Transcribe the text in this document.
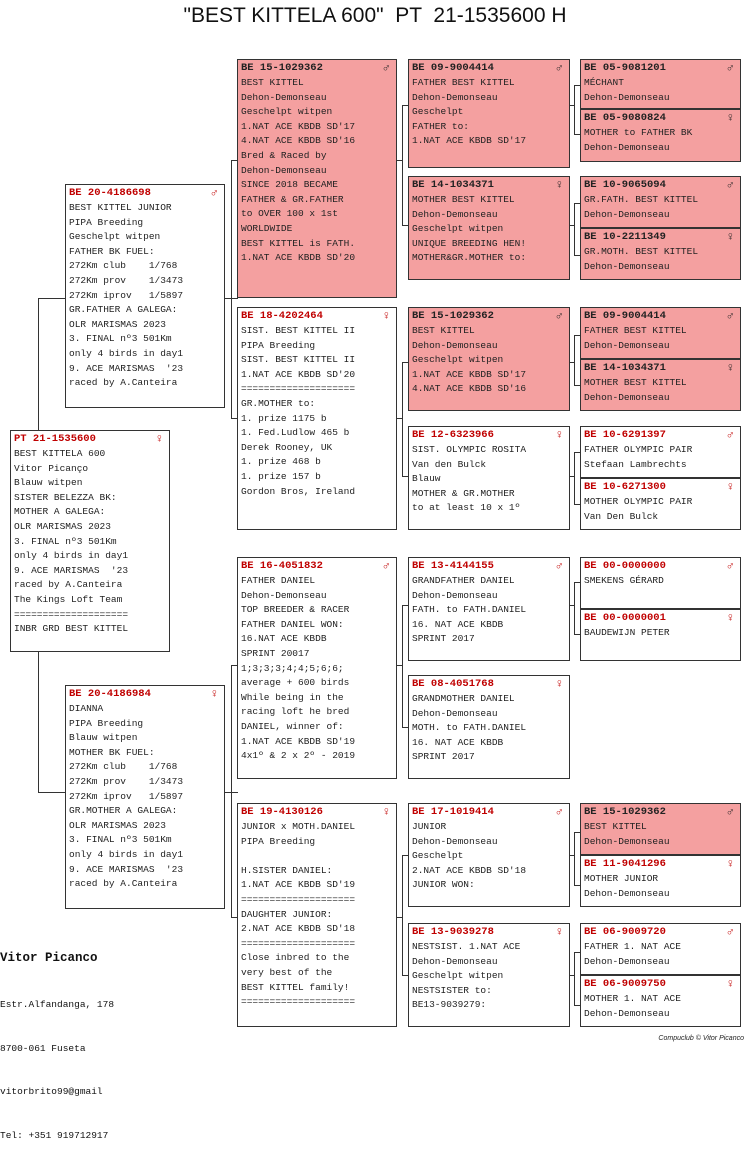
"BEST KITTELA 600"  PT  21-1535600 H
PT 21-1535600	♀
BEST KITTELA 600
Vitor Picanço
Blauw witpen
SISTER BELEZZA BK:
MOTHER A GALEGA:
OLR MARISMAS 2023
3. FINAL nº3 501Km
only 4 birds in day1
9. ACE MARISMAS  '23
raced by A.Canteira
The Kings Loft Team
====================
INBR GRD BEST KITTEL
BE 20-4186698	♂
BEST KITTEL JUNIOR
PIPA Breeding
Geschelpt witpen
FATHER BK FUEL:
272Km club    1/768
272Km prov    1/3473
272Km iprov   1/5897
GR.FATHER A GALEGA:
OLR MARISMAS 2023
3. FINAL nº3 501Km
only 4 birds in day1
9. ACE MARISMAS  '23
raced by A.Canteira
BE 20-4186984	♀
DIANNA
PIPA Breeding
Blauw witpen
MOTHER BK FUEL:
272Km club    1/768
272Km prov    1/3473
272Km iprov   1/5897
GR.MOTHER A GALEGA:
OLR MARISMAS 2023
3. FINAL nº3 501Km
only 4 birds in day1
9. ACE MARISMAS  '23
raced by A.Canteira
BE 15-1029362	♂
BEST KITTEL
Dehon-Demonseau
Geschelpt witpen
1.NAT ACE KBDB SD'17
4.NAT ACE KBDB SD'16
Bred & Raced by
Dehon-Demonseau
SINCE 2018 BECAME
FATHER & GR.FATHER
to OVER 100 x 1st
WORLDWIDE
BEST KITTEL is FATH.
1.NAT ACE KBDB SD'20
BE 18-4202464	♀
SIST. BEST KITTEL II
PIPA Breeding
SIST. BEST KITTEL II
1.NAT ACE KBDB SD'20
====================
GR.MOTHER to:
1. prize 1175 b
1. Fed.Ludlow 465 b
Derek Rooney, UK
1. prize 468 b
1. prize 157 b
Gordon Bros, Ireland
BE 16-4051832	♂
FATHER DANIEL
Dehon-Demonseau
TOP BREEDER & RACER
FATHER DANIEL WON:
16.NAT ACE KBDB
SPRINT 20017
1;3;3;3;4;4;5;6;6;
average + 600 birds
While being in the
racing loft he bred
DANIEL, winner of:
1.NAT ACE KBDB SD'19
4x1º & 2 x 2º - 2019
BE 19-4130126	♀
JUNIOR x MOTH.DANIEL
PIPA Breeding
H.SISTER DANIEL:
1.NAT ACE KBDB SD'19
====================
DAUGHTER JUNIOR:
2.NAT ACE KBDB SD'18
====================
Close inbred to the
very best of the
BEST KITTEL family!
====================
BE 09-9004414	♂
FATHER BEST KITTEL
Dehon-Demonseau
Geschelpt
FATHER to:
1.NAT ACE KBDB SD'17
BE 14-1034371	♀
MOTHER BEST KITTEL
Dehon-Demonseau
Geschelpt witpen
UNIQUE BREEDING HEN!
MOTHER&GR.MOTHER to:
BE 15-1029362	♂
BEST KITTEL
Dehon-Demonseau
Geschelpt witpen
1.NAT ACE KBDB SD'17
4.NAT ACE KBDB SD'16
BE 12-6323966	♀
SIST. OLYMPIC ROSITA
Van den Bulck
Blauw
MOTHER & GR.MOTHER
to at least 10 x 1º
BE 13-4144155	♂
GRANDFATHER DANIEL
Dehon-Demonseau
FATH. to FATH.DANIEL
16. NAT ACE KBDB
SPRINT 2017
BE 08-4051768	♀
GRANDMOTHER DANIEL
Dehon-Demonseau
MOTH. to FATH.DANIEL
16. NAT ACE KBDB
SPRINT 2017
BE 17-1019414	♂
JUNIOR
Dehon-Demonseau
Geschelpt
2.NAT ACE KBDB SD'18
JUNIOR WON:
BE 13-9039278	♀
NESTSIST. 1.NAT ACE
Dehon-Demonseau
Geschelpt witpen
NESTSISTER to:
BE13-9039279:
BE 05-9081201	♂
MÉCHANT
Dehon-Demonseau
BE 05-9080824	♀
MOTHER to FATHER BK
Dehon-Demonseau
BE 10-9065094	♂
GR.FATH. BEST KITTEL
Dehon-Demonseau
BE 10-2211349	♀
GR.MOTH. BEST KITTEL
Dehon-Demonseau
BE 09-9004414	♂
FATHER BEST KITTEL
Dehon-Demonseau
BE 14-1034371	♀
MOTHER BEST KITTEL
Dehon-Demonseau
BE 10-6291397	♂
FATHER OLYMPIC PAIR
Stefaan Lambrechts
BE 10-6271300	♀
MOTHER OLYMPIC PAIR
Van Den Bulck
BE 00-0000000	♂
SMEKENS GÉRARD
BE 00-0000001	♀
BAUDEWIJN PETER
BE 15-1029362	♂
BEST KITTEL
Dehon-Demonseau
BE 11-9041296	♀
MOTHER JUNIOR
Dehon-Demonseau
BE 06-9009720	♂
FATHER 1. NAT ACE
Dehon-Demonseau
BE 06-9009750	♀
MOTHER 1. NAT ACE
Dehon-Demonseau
Vitor Picanco

Estr.Alfandanga, 178

8700-061 Fuseta

vitorbrito99@gmail

Tel: +351 919712917

Compuclub © Vitor Picanco
